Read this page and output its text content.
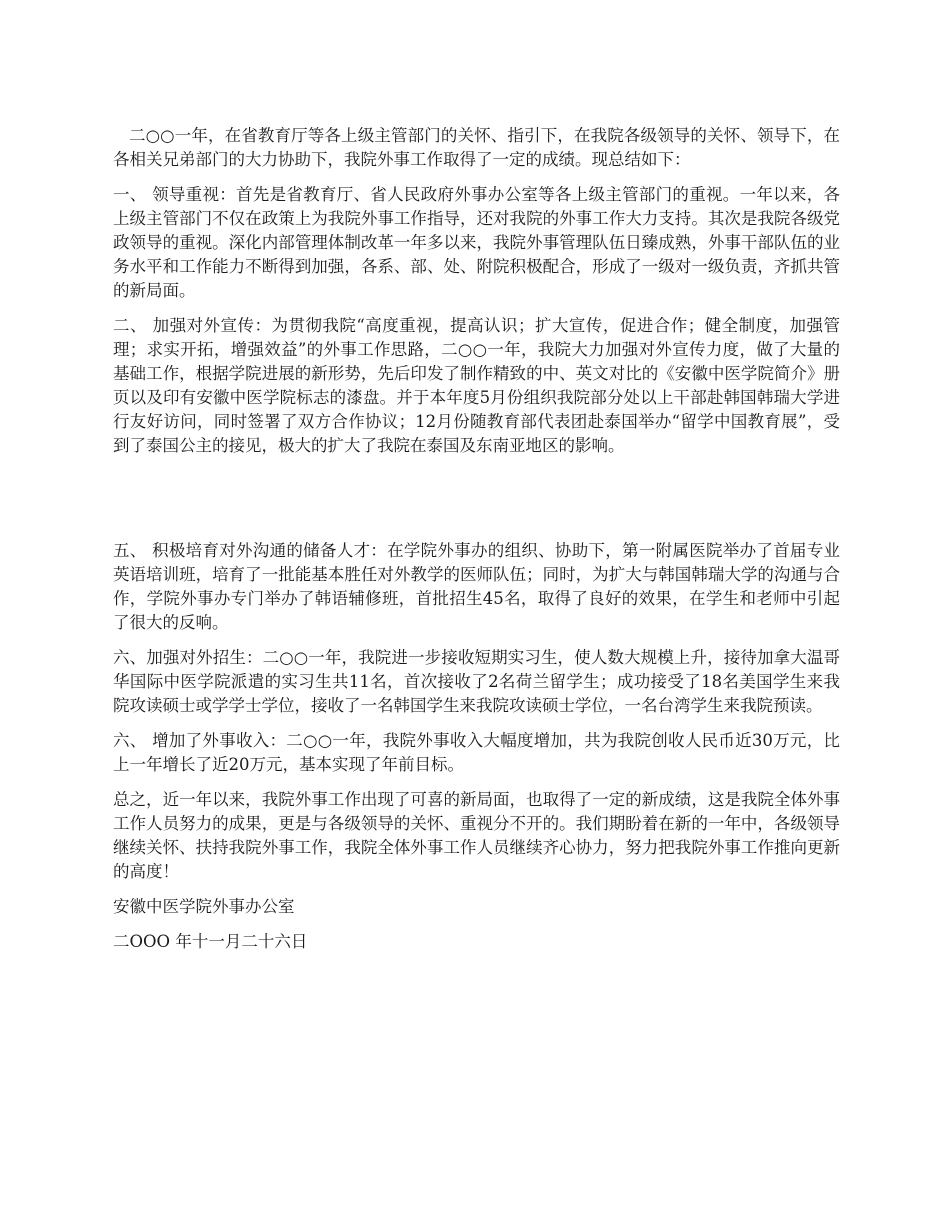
二○○一年，在省教育厅等各上级主管部门的关怀、指引下，在我院各级领导的关怀、领导下，在各相关兄弟部门的大力协助下，我院外事工作取得了一定的成绩。现总结如下：

一、 领导重视：首先是省教育厅、省人民政府外事办公室等各上级主管部门的重视。一年以来，各上级主管部门不仅在政策上为我院外事工作指导，还对我院的外事工作大力支持。其次是我院各级党政领导的重视。深化内部管理体制改革一年多以来，我院外事管理队伍日臻成熟，外事干部队伍的业务水平和工作能力不断得到加强，各系、部、处、附院积极配合，形成了一级对一级负责，齐抓共管的新局面。

二、 加强对外宣传：为贯彻我院“高度重视，提高认识；扩大宣传，促进合作；健全制度，加强管理；求实开拓，增强效益”的外事工作思路，二○○一年，我院大力加强对外宣传力度，做了大量的基础工作，根据学院进展的新形势，先后印发了制作精致的中、英文对比的《安徽中医学院简介》册页以及印有安徽中医学院标志的漆盘。并于本年度5月份组织我院部分处以上干部赴韩国韩瑞大学进行友好访问，同时签署了双方合作协议；12月份随教育部代表团赴泰国举办“留学中国教育展”，受到了泰国公主的接见，极大的扩大了我院在泰国及东南亚地区的影响。

五、 积极培育对外沟通的储备人才：在学院外事办的组织、协助下，第一附属医院举办了首届专业英语培训班，培育了一批能基本胜任对外教学的医师队伍；同时，为扩大与韩国韩瑞大学的沟通与合作，学院外事办专门举办了韩语辅修班，首批招生45名，取得了良好的效果，在学生和老师中引起了很大的反响。

六、加强对外招生：二○○一年，我院进一步接收短期实习生，使人数大规模上升，接待加拿大温哥华国际中医学院派遣的实习生共11名，首次接收了2名荷兰留学生；成功接受了18名美国学生来我院攻读硕士或学学士学位，接收了一名韩国学生来我院攻读硕士学位，一名台湾学生来我院预读。

六、 增加了外事收入：二○○一年，我院外事收入大幅度增加，共为我院创收人民币近30万元，比上一年增长了近20万元，基本实现了年前目标。

总之，近一年以来，我院外事工作出现了可喜的新局面，也取得了一定的新成绩，这是我院全体外事工作人员努力的成果，更是与各级领导的关怀、重视分不开的。我们期盼着在新的一年中，各级领导继续关怀、扶持我院外事工作，我院全体外事工作人员继续齐心协力，努力把我院外事工作推向更新的高度！

安徽中医学院外事办公室

二OOO 年十一月二十六日
